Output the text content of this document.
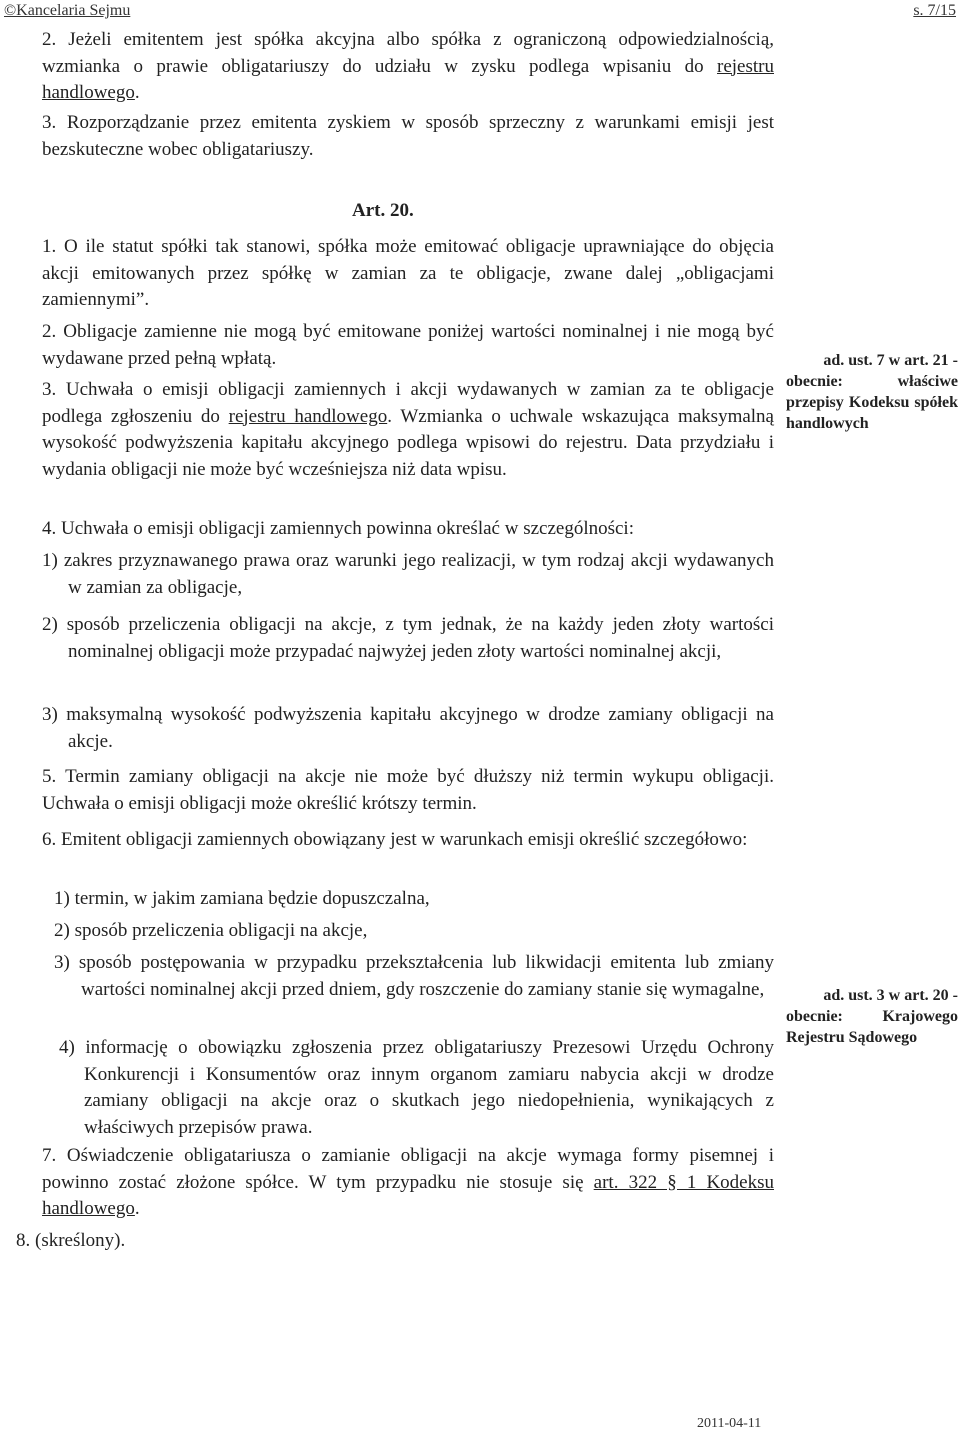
©Kancelaria Sejmu	s. 7/15
2. Jeżeli emitentem jest spółka akcyjna albo spółka z ograniczoną odpowiedzialnością, wzmianka o prawie obligatariuszy do udziału w zysku podlega wpisaniu do rejestru handlowego.
3. Rozporządzanie przez emitenta zyskiem w sposób sprzeczny z warunkami emisji jest bezskuteczne wobec obligatariuszy.
Art. 20.
1. O ile statut spółki tak stanowi, spółka może emitować obligacje uprawniające do objęcia akcji emitowanych przez spółkę w zamian za te obligacje, zwane dalej „obligacjami zamiennymi”.
2. Obligacje zamienne nie mogą być emitowane poniżej wartości nominalnej i nie mogą być wydawane przed pełną wpłatą.
3. Uchwała o emisji obligacji zamiennych i akcji wydawanych w zamian za te obligacje podlega zgłoszeniu do rejestru handlowego. Wzmianka o uchwale wskazująca maksymalną wysokość podwyższenia kapitału akcyjnego podlega wpisowi do rejestru. Data przydziału i wydania obligacji nie może być wcześniejsza niż data wpisu.
4. Uchwała o emisji obligacji zamiennych powinna określać w szczególności:
1) zakres przyznawanego prawa oraz warunki jego realizacji, w tym rodzaj akcji wydawanych w zamian za obligacje,
2) sposób przeliczenia obligacji na akcje, z tym jednak, że na każdy jeden złoty wartości nominalnej obligacji może przypadać najwyżej jeden złoty wartości nominalnej akcji,
3) maksymalną wysokość podwyższenia kapitału akcyjnego w drodze zamiany obligacji na akcje.
5. Termin zamiany obligacji na akcje nie może być dłuższy niż termin wykupu obligacji. Uchwała o emisji obligacji może określić krótszy termin.
6. Emitent obligacji zamiennych obowiązany jest w warunkach emisji określić szczegółowo:
1) termin, w jakim zamiana będzie dopuszczalna,
2) sposób przeliczenia obligacji na akcje,
3) sposób postępowania w przypadku przekształcenia lub likwidacji emitenta lub zmiany wartości nominalnej akcji przed dniem, gdy roszczenie do zamiany stanie się wymagalne,
4) informację o obowiązku zgłoszenia przez obligatariuszy Prezesowi Urzędu Ochrony Konkurencji i Konsumentów oraz innym organom zamiaru nabycia akcji w drodze zamiany obligacji na akcje oraz o skutkach jego niedopełnienia, wynikających z właściwych przepisów prawa.
7. Oświadczenie obligatariusza o zamianie obligacji na akcje wymaga formy pisemnej i powinno zostać złożone spółce. W tym przypadku nie stosuje się art. 322 § 1 Kodeksu handlowego.
8. (skreślony).
ad. ust. 7 w art. 21 -
obecnie: właściwe przepisy Kodeksu spółek handlowych
ad. ust. 3 w art. 20 -
obecnie: Krajowego Rejestru Sądowego
2011-04-11
